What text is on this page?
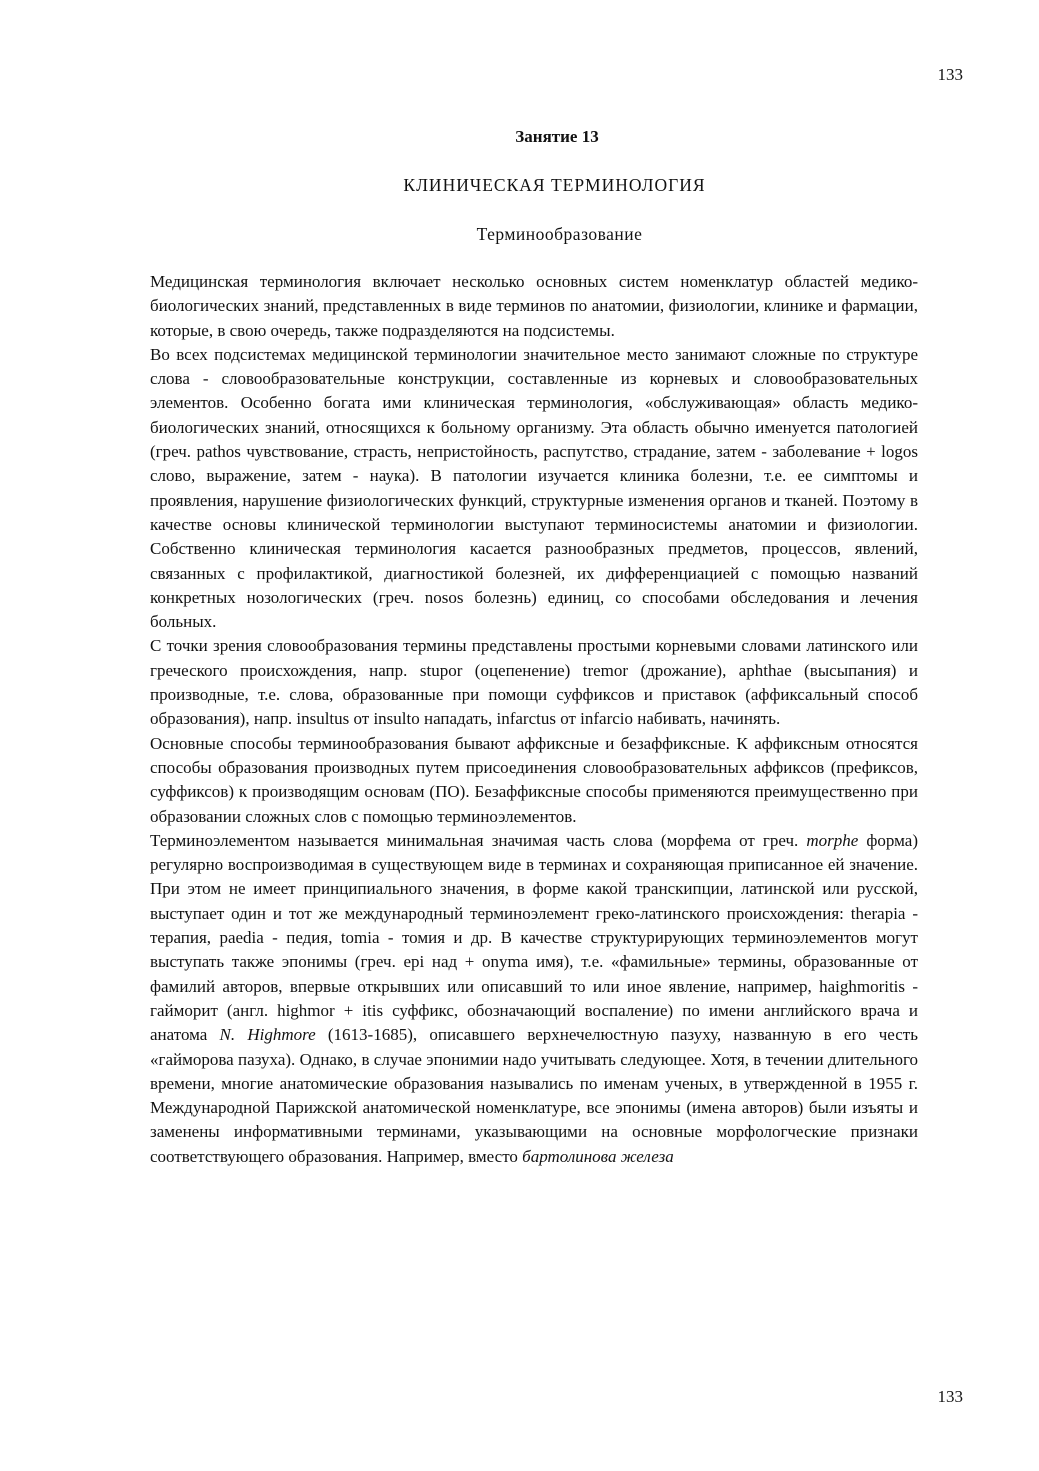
133
Занятие 13
КЛИНИЧЕСКАЯ ТЕРМИНОЛОГИЯ
Терминообразование

Медицинская терминология включает несколько основных систем номенклатур областей медико-биологических знаний, представленных в виде терминов по анатомии, физиологии, клинике и фармации, которые, в свою очередь, также подразделяются на подсистемы.

Во всех подсистемах медицинской терминологии значительное место занимают сложные по структуре слова - словообразовательные конструкции, составленные из корневых и словообразовательных элементов. Особенно богата ими клиническая терминология, «обслуживающая» область медико-биологических знаний, относящихся к больному организму. Эта область обычно именуется патологией (греч. pathos чувствование, страсть, непристойность, распутство, страдание, затем - заболевание + logos слово, выражение, затем - наука). В патологии изучается клиника болезни, т.е. ее симптомы и проявления, нарушение физиологических функций, структурные изменения органов и тканей. Поэтому в качестве основы клинической терминологии выступают терминосистемы анатомии и физиологии. Собственно клиническая терминология касается разнообразных предметов, процессов, явлений, связанных с профилактикой, диагностикой болезней, их дифференциацией с помощью названий конкретных нозологических (греч. nosos болезнь) единиц, со способами обследования и лечения больных.

С точки зрения словообразования термины представлены простыми корневыми словами латинского или греческого происхождения, напр. stupor (оцепенение) tremor (дрожание), aphthae (высыпания) и производные, т.е. слова, образованные при помощи суффиксов и приставок (аффиксальный способ образования), напр. insultus от insulto нападать, infarctus от infarcio набивать, начинять.

Основные способы терминообразования бывают аффиксные и безаффиксные. К аффиксным относятся способы образования производных путем присоединения словообразовательных аффиксов (префиксов, суффиксов) к производящим основам (ПО). Безаффиксные способы применяются преимущественно при образовании сложных слов с помощью терминоэлементов.

Терминоэлементом называется минимальная значимая часть слова (морфема от греч. morphe форма) регулярно воспроизводимая в существующем виде в терминах и сохраняющая приписанное ей значение. При этом не имеет принципиального значения, в форме какой транскипции, латинской или русской, выступает один и тот же международный терминоэлемент греко-латинского происхождения: therapia - терапия, paedia - педия, tomia - томия и др. В качестве структурирующих терминоэлементов могут выступать также эпонимы (греч. epi над + onyma имя), т.е. «фамильные» термины, образованные от фамилий авторов, впервые открывших или описавший то или иное явление, например, haighmoritis - гайморит (англ. highmor + itis суффикс, обозначающий воспаление) по имени английского врача и анатома N. Highmore (1613-1685), описавшего верхнечелюстную пазуху, названную в его честь «гайморова пазуха). Однако, в случае эпонимии надо учитывать следующее. Хотя, в течении длительного времени, многие анатомические образования назывались по именам ученых, в утвержденной в 1955 г. Международной Парижской анатомической номенклатуре, все эпонимы (имена авторов) были изъяты и заменены информативными терминами, указывающими на основные морфологческие признаки соответствующего образования. Например, вместо бартолинова железа

133
